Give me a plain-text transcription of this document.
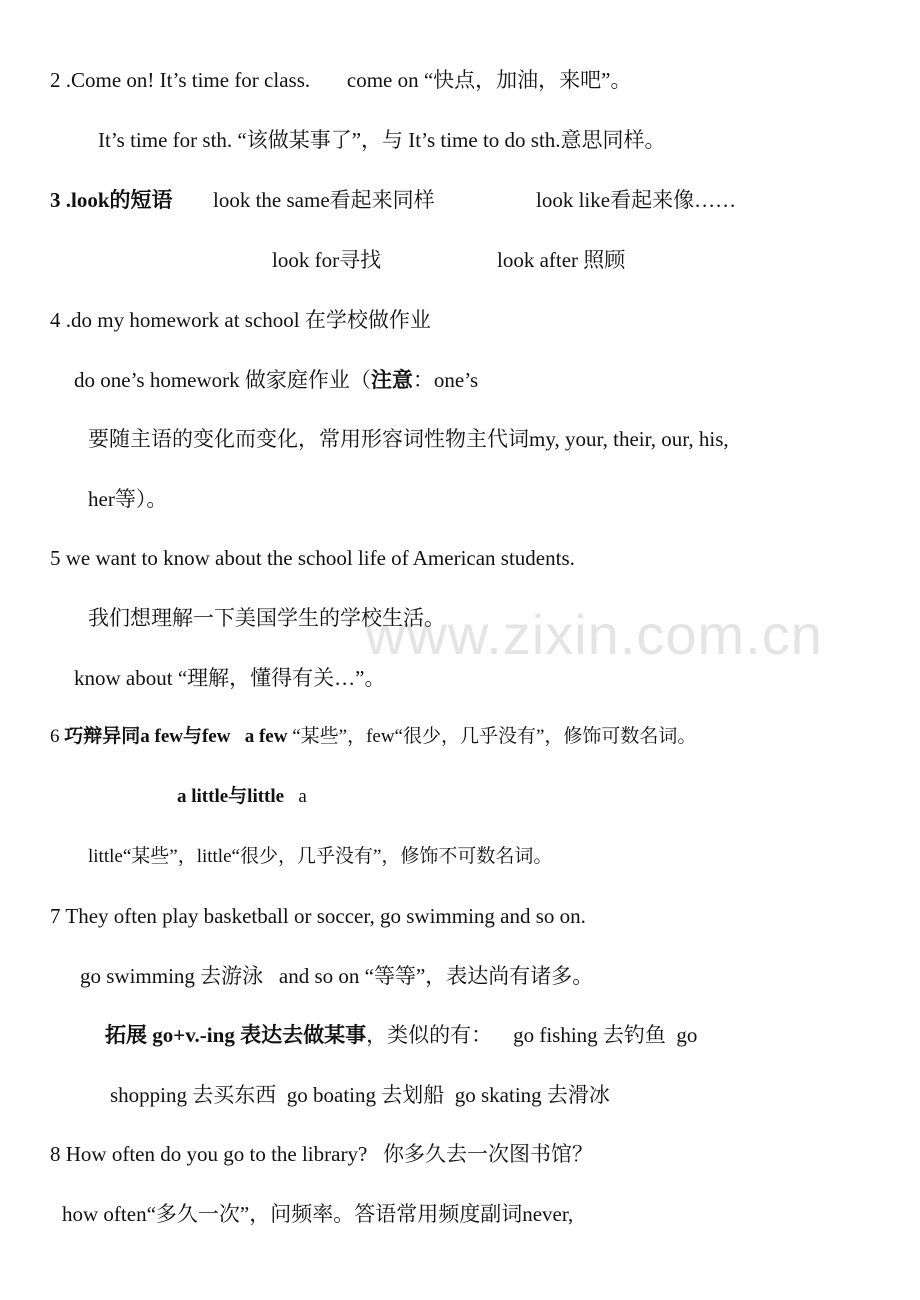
www.zixin.com.cn
2 .Come on! It’s time for class.       come on “快点，加油，来吧”。
It’s time for sth. “该做某事了”，与 It’s time to do sth.意思同样。
3 .look的短语 look the same看起来同样	look like看起来像……
look for寻找	look after 照顾
4 .do my homework at school 在学校做作业
do one’s homework 做家庭作业（注意：one’s
要随主语的变化而变化，常用形容词性物主代词my, your, their, our, his,
her等）。
5 we want to know about the school life of American students.
我们想理解一下美国学生的学校生活。
know about “理解，懂得有关…”。
6 巧辩异同a few与few   a few “某些”，few“很少，几乎没有”，修饰可数名词。
a little与little   a
little“某些”，little“很少，几乎没有”，修饰不可数名词。
7 They often play basketball or soccer, go swimming and so on.
go swimming 去游泳   and so on “等等”，表达尚有诸多。
拓展 go+v.-ing 表达去做某事，类似的有：    go fishing 去钓鱼  go
shopping 去买东西  go boating 去划船  go skating 去滑冰
8 How often do you go to the library?   你多久去一次图书馆？
how often“多久一次”，问频率。答语常用频度副词never,
